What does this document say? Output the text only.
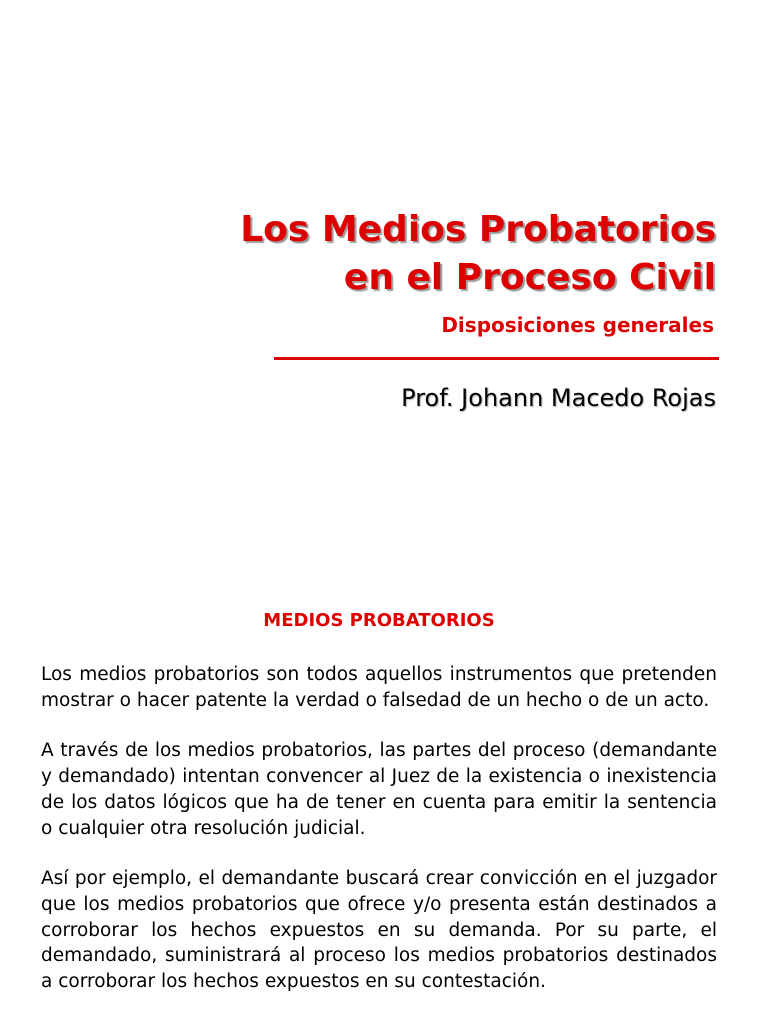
Los Medios Probatorios
en el Proceso Civil
Disposiciones generales

Prof. Johann Macedo Rojas

MEDIOS PROBATORIOS

Los medios probatorios son todos aquellos instrumentos que pretenden mostrar o hacer patente la verdad o falsedad de un hecho o de un acto.

A través de los medios probatorios, las partes del proceso (demandante y demandado) intentan convencer al Juez de la existencia o inexistencia de los datos lógicos que ha de tener en cuenta para emitir la sentencia o cualquier otra resolución judicial.

Así por ejemplo, el demandante buscará crear convicción en el juzgador que los medios probatorios que ofrece y/o presenta están destinados a corroborar los hechos expuestos en su demanda. Por su parte, el demandado, suministrará al proceso los medios probatorios destinados a corroborar los hechos expuestos en su contestación.
